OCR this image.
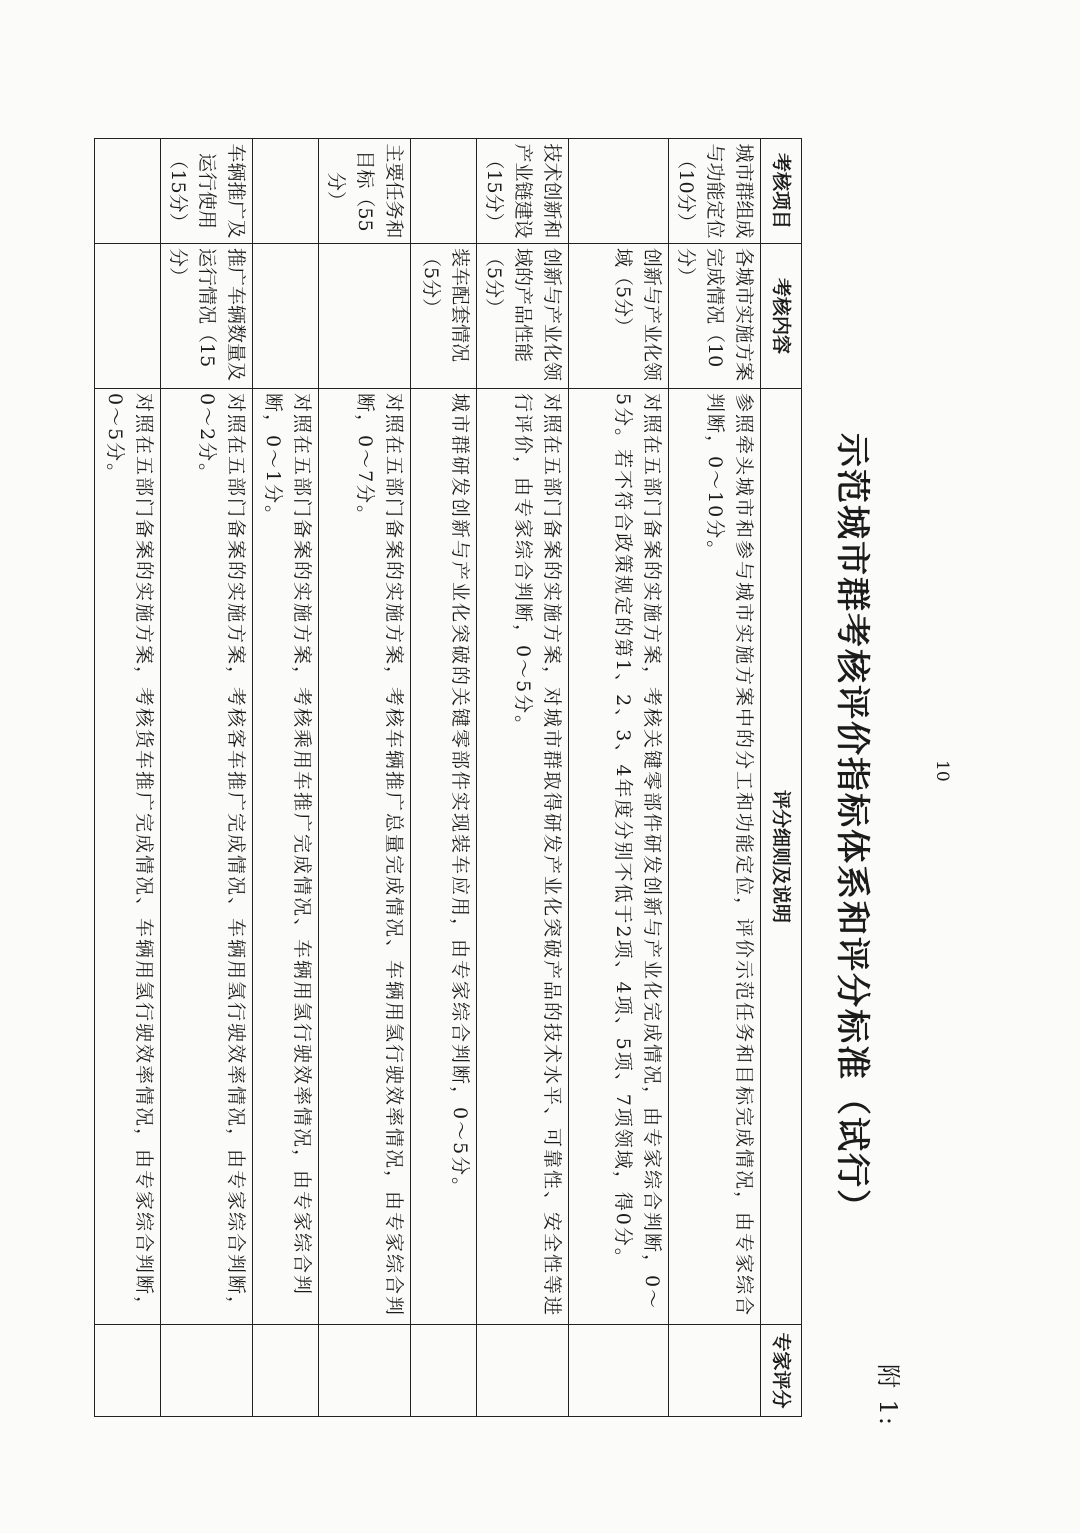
10
附 1:
示范城市群考核评价指标体系和评分标准（试行）
考核项目	考核内容	评分细则及说明	专家评分
城市群组成与功能定位（10分）	各城市实施方案完成情况（10分）	参照牵头城市和参与城市实施方案中的分工和功能定位，评价示范任务和目标完成情况，由专家综合判断，0～10分。	
	创新与产业化领域（5分）	对照在五部门备案的实施方案，考核关键零部件研发创新与产业化完成情况，由专家综合判断，0～5分。若不符合政策规定的第1、2、3、4年度分别不低于2项、4项、5项、7项领域，得0分。	
技术创新和产业链建设（15分）	创新与产业化领域的产品性能（5分）	对照在五部门备案的实施方案，对城市群取得研发产业化突破产品的技术水平、可靠性、安全性等进行评价，由专家综合判断，0～5分。	
	装车配套情况（5分）	城市群研发创新与产业化突破的关键零部件实现装车应用，由专家综合判断，0～5分。	
主要任务和目标（55分）		对照在五部门备案的实施方案，考核车辆推广总量完成情况、车辆用氢行驶效率情况，由专家综合判断，0～7分。	
		对照在五部门备案的实施方案，考核乘用车推广完成情况、车辆用氢行驶效率情况，由专家综合判断，0～1分。	
车辆推广及运行使用（15分）	推广车辆数量及运行情况（15分）	对照在五部门备案的实施方案，考核客车推广完成情况、车辆用氢行驶效率情况，由专家综合判断，0～2分。	
		对照在五部门备案的实施方案，考核货车推广完成情况、车辆用氢行驶效率情况，由专家综合判断，0～5分。	
